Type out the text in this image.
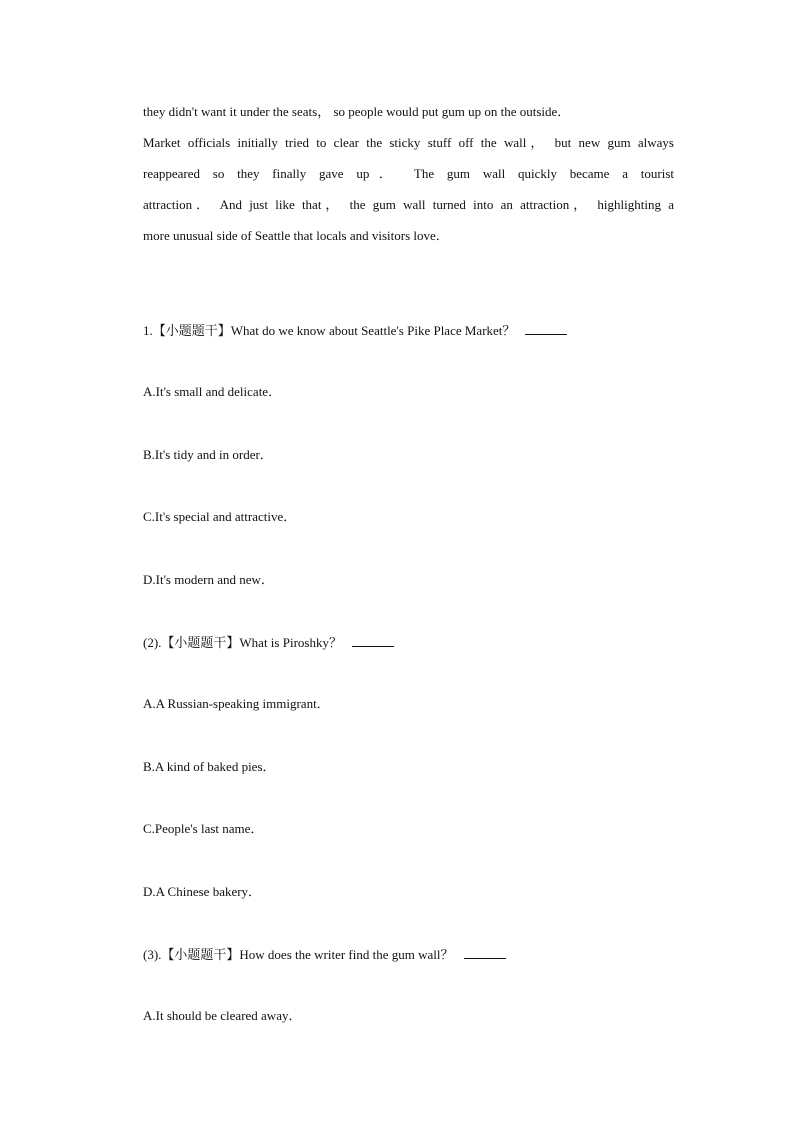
they didn't want it under the seats， so people would put gum up on the outside．
Market officials initially tried to clear the sticky stuff off the wall， but new gum always
reappeared so they finally gave up． The gum wall quickly became a tourist
attraction． And just like that， the gum wall turned into an attraction， highlighting a
more unusual side of Seattle that locals and visitors love．
1.【小题题干】What do we know about Seattle's Pike Place Market？
A.It's small and delicate．
B.It's tidy and in order．
C.It's special and attractive．
D.It's modern and new．
(2).【小题题干】What is Piroshky？
A.A Russian-speaking immigrant．
B.A kind of baked pies．
C.People's last name．
D.A Chinese bakery．
(3).【小题题干】How does the writer find the gum wall？
A.It should be cleared away．
